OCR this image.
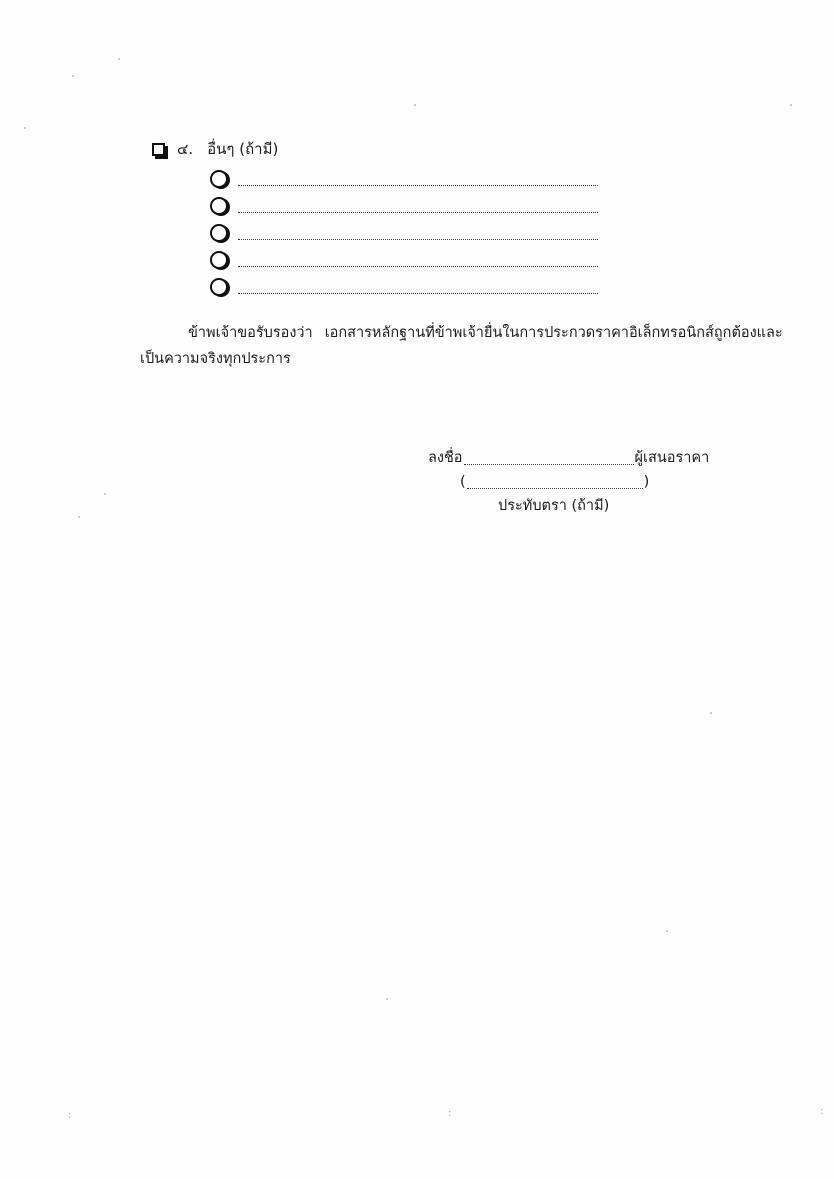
๔. อื่นๆ (ถ้ามี)
ข้าพเจ้าขอรับรองว่า เอกสารหลักฐานที่ข้าพเจ้ายื่นในการประกวดราคาอิเล็กทรอนิกส์ถูกต้องและ
เป็นความจริงทุกประการ
ลงชื่อ	ผู้เสนอราคา
(	)
ประทับตรา (ถ้ามี)
:	:	:
